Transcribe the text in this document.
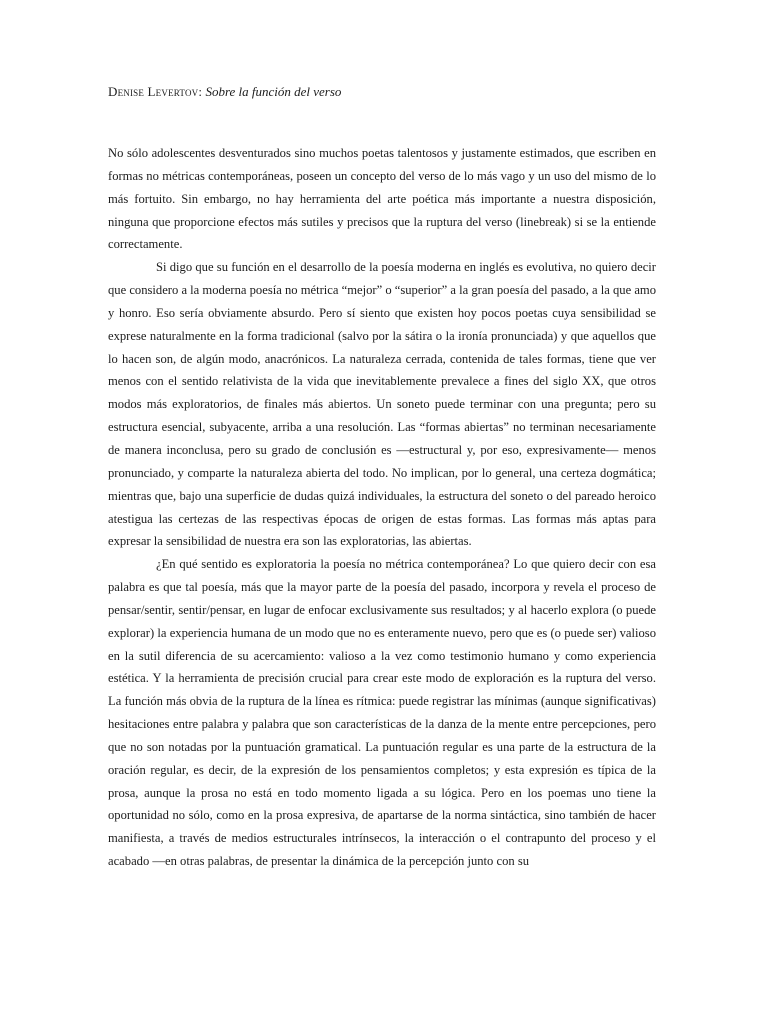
Denise Levertov: Sobre la función del verso

No sólo adolescentes desventurados sino muchos poetas talentosos y justamente estimados, que escriben en formas no métricas contemporáneas, poseen un concepto del verso de lo más vago y un uso del mismo de lo más fortuito. Sin embargo, no hay herramienta del arte poética más importante a nuestra disposición, ninguna que proporcione efectos más sutiles y precisos que la ruptura del verso (linebreak) si se la entiende correctamente.

Si digo que su función en el desarrollo de la poesía moderna en inglés es evolutiva, no quiero decir que considero a la moderna poesía no métrica “mejor” o “superior” a la gran poesía del pasado, a la que amo y honro. Eso sería obviamente absurdo. Pero sí siento que existen hoy pocos poetas cuya sensibilidad se exprese naturalmente en la forma tradicional (salvo por la sátira o la ironía pronunciada) y que aquellos que lo hacen son, de algún modo, anacrónicos. La naturaleza cerrada, contenida de tales formas, tiene que ver menos con el sentido relativista de la vida que inevitablemente prevalece a fines del siglo XX, que otros modos más exploratorios, de finales más abiertos. Un soneto puede terminar con una pregunta; pero su estructura esencial, subyacente, arriba a una resolución. Las “formas abiertas” no terminan necesariamente de manera inconclusa, pero su grado de conclusión es —estructural y, por eso, expresivamente— menos pronunciado, y comparte la naturaleza abierta del todo. No implican, por lo general, una certeza dogmática; mientras que, bajo una superficie de dudas quizá individuales, la estructura del soneto o del pareado heroico atestigua las certezas de las respectivas épocas de origen de estas formas. Las formas más aptas para expresar la sensibilidad de nuestra era son las exploratorias, las abiertas.

¿En qué sentido es exploratoria la poesía no métrica contemporánea? Lo que quiero decir con esa palabra es que tal poesía, más que la mayor parte de la poesía del pasado, incorpora y revela el proceso de pensar/sentir, sentir/pensar, en lugar de enfocar exclusivamente sus resultados; y al hacerlo explora (o puede explorar) la experiencia humana de un modo que no es enteramente nuevo, pero que es (o puede ser) valioso en la sutil diferencia de su acercamiento: valioso a la vez como testimonio humano y como experiencia estética. Y la herramienta de precisión crucial para crear este modo de exploración es la ruptura del verso. La función más obvia de la ruptura de la línea es rítmica: puede registrar las mínimas (aunque significativas) hesitaciones entre palabra y palabra que son características de la danza de la mente entre percepciones, pero que no son notadas por la puntuación gramatical. La puntuación regular es una parte de la estructura de la oración regular, es decir, de la expresión de los pensamientos completos; y esta expresión es típica de la prosa, aunque la prosa no está en todo momento ligada a su lógica. Pero en los poemas uno tiene la oportunidad no sólo, como en la prosa expresiva, de apartarse de la norma sintáctica, sino también de hacer manifiesta, a través de medios estructurales intrínsecos, la interacción o el contrapunto del proceso y el acabado —en otras palabras, de presentar la dinámica de la percepción junto con su
